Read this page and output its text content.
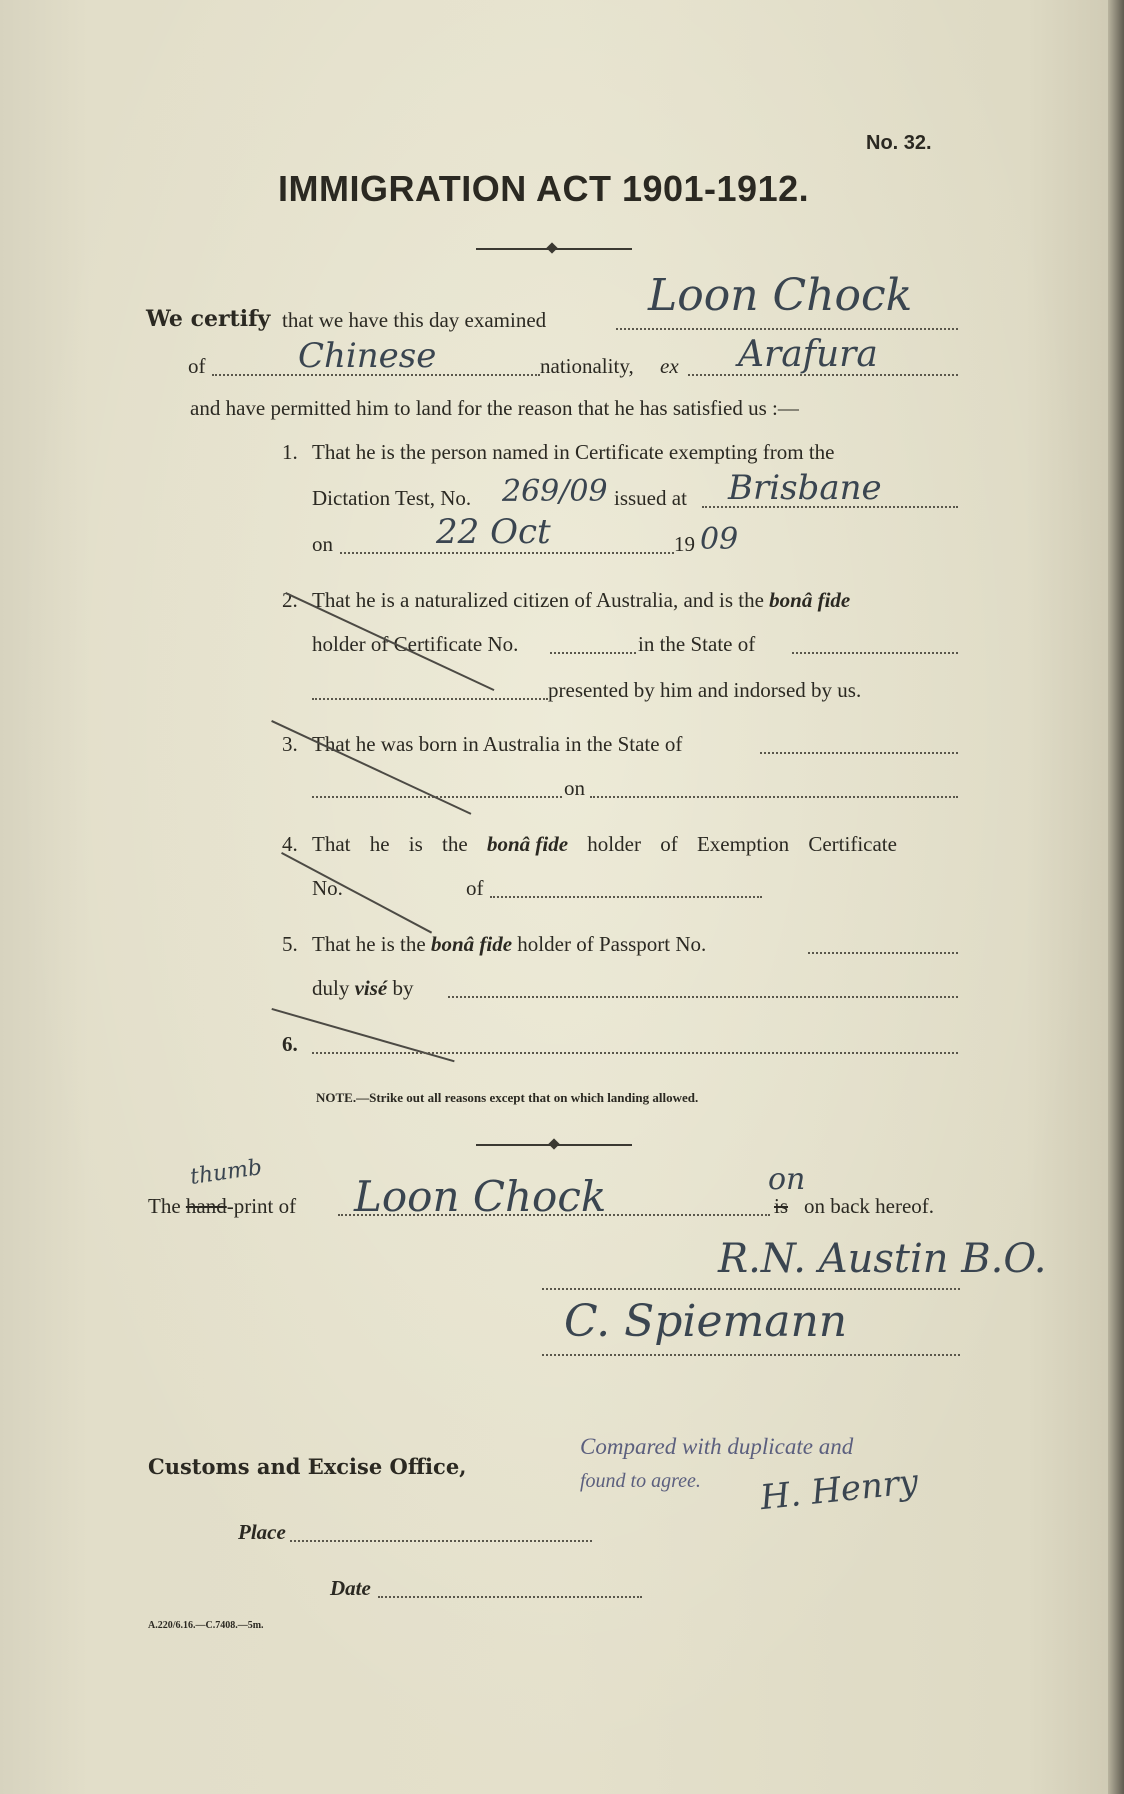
No. 32.
IMMIGRATION ACT 1901-1912.
We certify that we have this day examined Loon Chock
of	Chinese	nationality, ex Arafura
and have permitted him to land for the reason that he has satisfied us :—
1. That he is the person named in Certificate exempting from the
Dictation Test, No. 269/09 issued at Brisbane
on	22 Oct	19 09
2. That he is a naturalized citizen of Australia, and is the bonâ fide
holder of Certificate No.	in the State of
presented by him and indorsed by us.
3. That he was born in Australia in the State of
on
4. That he is the bonâ fide holder of Exemption Certificate
No.	of
5. That he is the bonâ fide holder of Passport No.
duly visé by
6.
NOTE.—Strike out all reasons except that on which landing allowed.
The hand-print of
thumb Loon Chock	on
is on back hereof.
R.N. Austin B.O.
C. Spiemann
Customs and Excise Office,
Place
Date
Compared with duplicate and
found to agree.	H. Henry
A.220/6.16.—C.7408.—5m.
